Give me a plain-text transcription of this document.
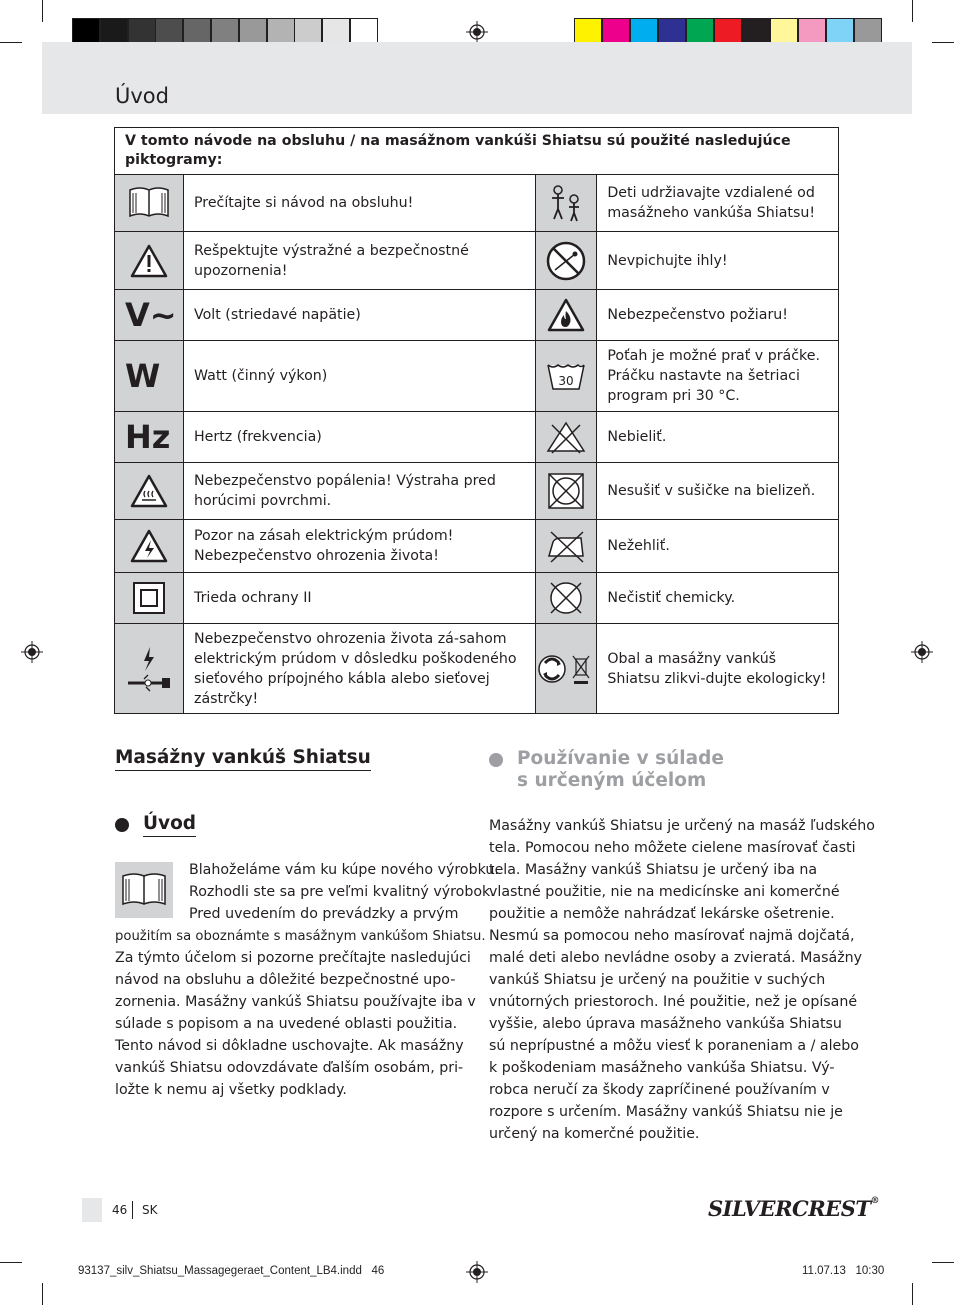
Úvod
V tomto návode na obsluhu / na masážnom vankúši Shiatsu sú použité nasledujúce piktogramy:			

	Prečítajte si návod na obsluhu!		Deti udržiavajte vzdialené od masážneho vankúša Shiatsu!

	Rešpektujte výstražné a bezpečnostné upozornenia!		Nevpichujte ihly!
V~	Volt (striedavé napätie)		Nebezpečenstvo požiaru!
W	Watt (činný výkon)	30	Poťah je možné prať v práčke. Práčku nastavte na šetriaci program pri 30 °C.
Hz	Hertz (frekvencia)		Nebieliť.

	Nebezpečenstvo popálenia! Výstraha pred horúcimi povrchmi.		Nesušiť v sušičke na bielizeň.

	Pozor na zásah elektrickým prúdom! Nebezpečenstvo ohrozenia života!		Nežehliť.

	Trieda ochrany II		Nečistiť chemicky.

	Nebezpečenstvo ohrozenia života zá-sahom elektrickým prúdom v dôsledku poškodeného sieťového prípojného kábla alebo sieťovej zástrčky!		Obal a masážny vankúš Shiatsu zlikvi-dujte ekologicky!
Masážny vankúš Shiatsu
Úvod
Blahoželáme vám ku kúpe nového výrobku.
Rozhodli ste sa pre veľmi kvalitný výrobok.
Pred uvedením do prevádzky a prvým
použitím sa oboznámte s masážnym vankúšom Shiatsu.
Za týmto účelom si pozorne prečítajte nasledujúci
návod na obsluhu a dôležité bezpečnostné upo-
zornenia. Masážny vankúš Shiatsu používajte iba v
súlade s popisom a na uvedené oblasti použitia.
Tento návod si dôkladne uschovajte. Ak masážny
vankúš Shiatsu odovzdávate ďalším osobám, pri-
ložte k nemu aj všetky podklady.
Používanie v súlade
s určeným účelom
Masážny vankúš Shiatsu je určený na masáž ľudského
tela. Pomocou neho môžete cielene masírovať časti
tela. Masážny vankúš Shiatsu je určený iba na
vlastné použitie, nie na medicínske ani komerčné
použitie a nemôže nahrádzať lekárske ošetrenie.
Nesmú sa pomocou neho masírovať najmä dojčatá,
malé deti alebo nevládne osoby a zvieratá. Masážny
vankúš Shiatsu je určený na použitie v suchých
vnútorných priestoroch. Iné použitie, než je opísané
vyššie, alebo úprava masážneho vankúša Shiatsu
sú neprípustné a môžu viesť k poraneniam a / alebo
k poškodeniam masážneho vankúša Shiatsu. Vý-
robca neručí za škody zapríčinené používaním v
rozpore s určením. Masážny vankúš Shiatsu nie je
určený na komerčné použitie.
46 SK	SILVERCREST®
93137_silv_Shiatsu_Massagegeraet_Content_LB4.indd   46	11.07.13   10:30
